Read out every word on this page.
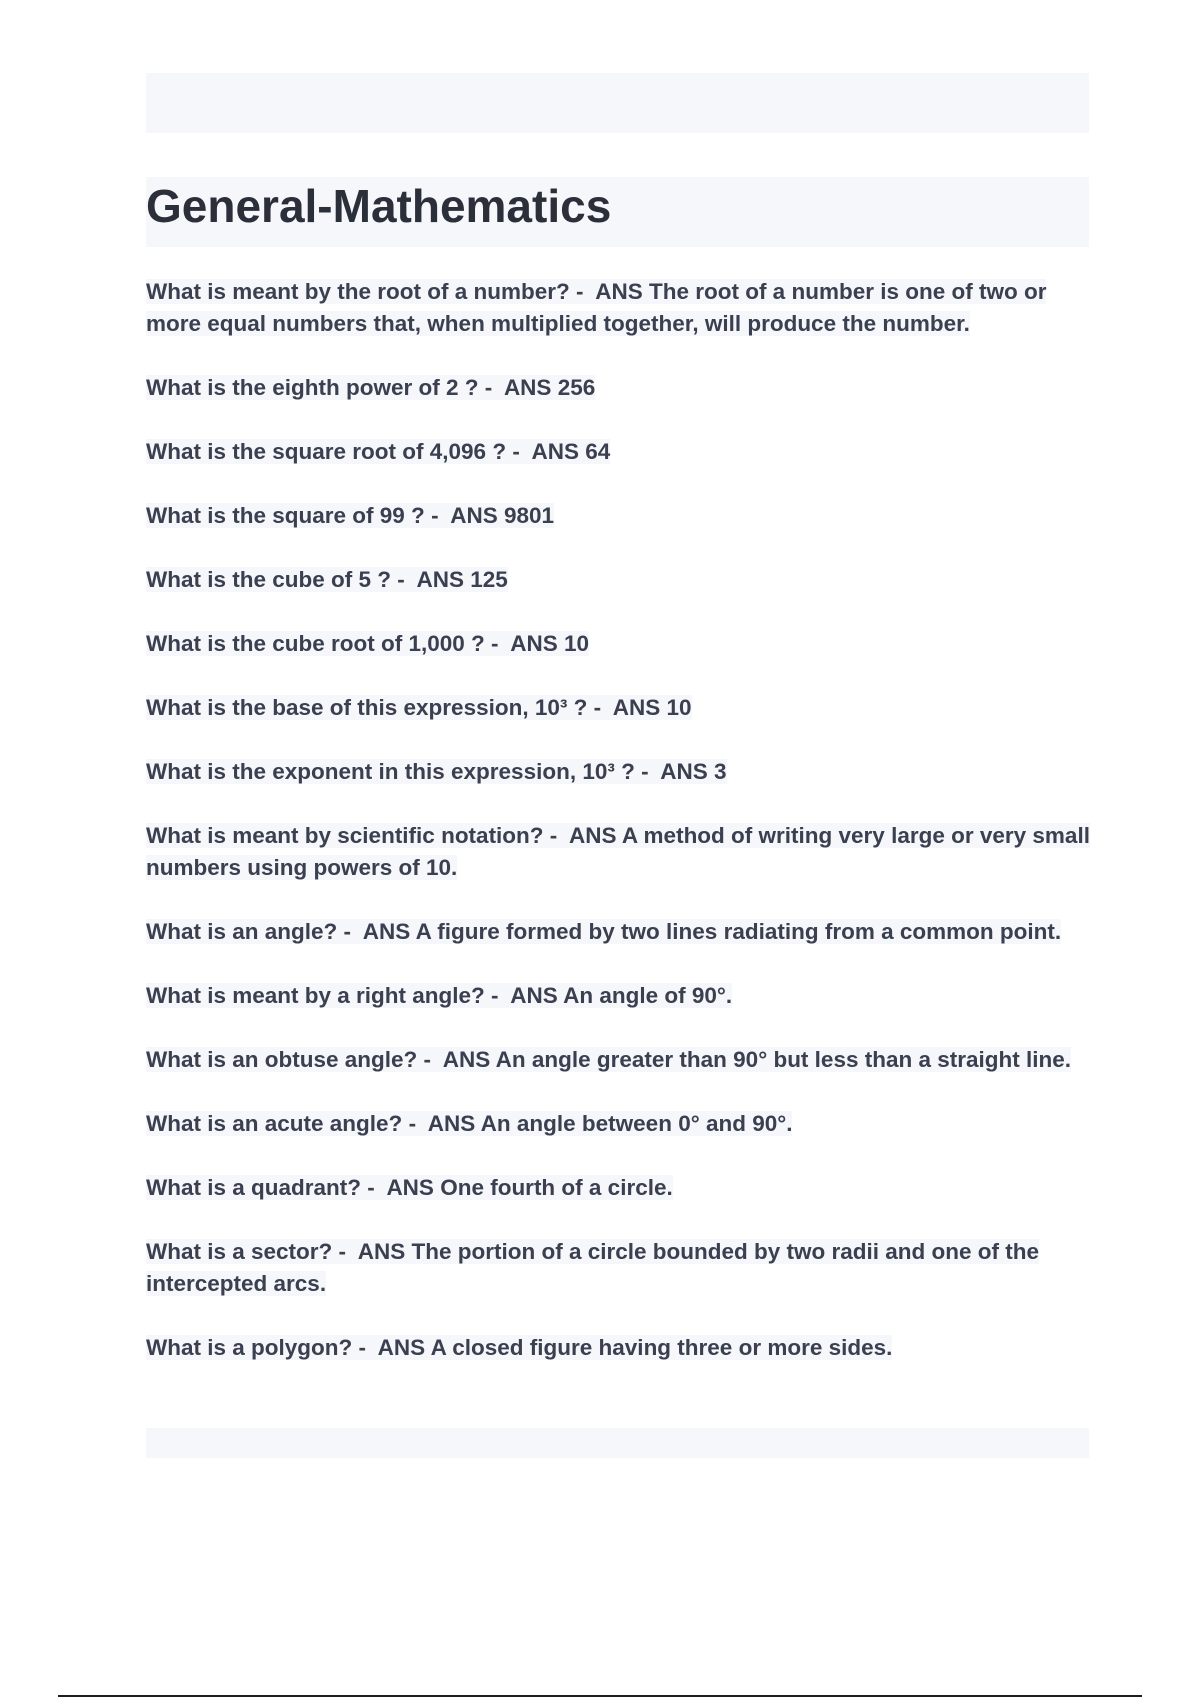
General-Mathematics
What is meant by the root of a number? -  ANS The root of a number is one of two or more equal numbers that, when multiplied together, will produce the number.
What is the eighth power of 2 ? -  ANS 256
What is the square root of 4,096 ? -  ANS 64
What is the square of 99 ? -  ANS 9801
What is the cube of 5 ? -  ANS 125
What is the cube root of 1,000 ? -  ANS 10
What is the base of this expression, 10³ ? -  ANS 10
What is the exponent in this expression, 10³ ? -  ANS 3
What is meant by scientific notation? -  ANS A method of writing very large or very small numbers using powers of 10.
What is an angle? -  ANS A figure formed by two lines radiating from a common point.
What is meant by a right angle? -  ANS An angle of 90°.
What is an obtuse angle? -  ANS An angle greater than 90° but less than a straight line.
What is an acute angle? -  ANS An angle between 0° and 90°.
What is a quadrant? -  ANS One fourth of a circle.
What is a sector? -  ANS The portion of a circle bounded by two radii and one of the intercepted arcs.
What is a polygon? -  ANS A closed figure having three or more sides.
